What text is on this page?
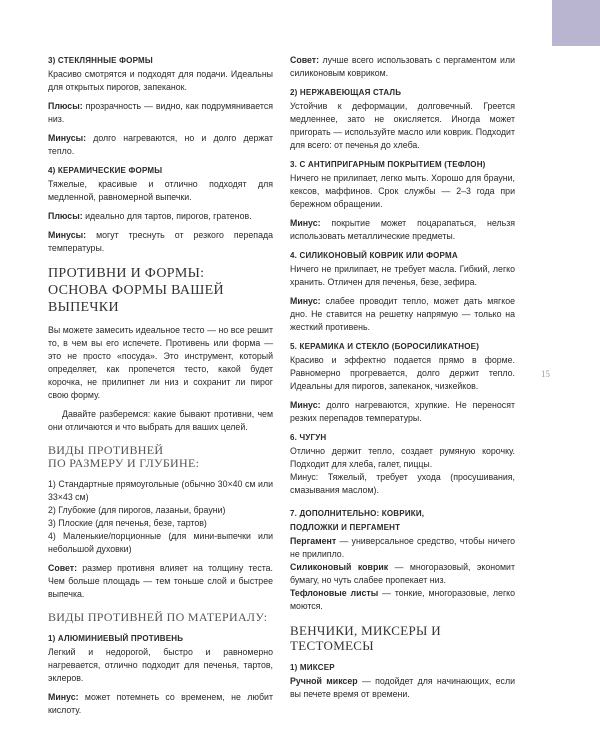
15

3) СТЕКЛЯННЫЕ ФОРМЫ

Красиво смотрятся и подходят для подачи. Идеальны для открытых пирогов, запеканок.

Плюсы: прозрачность — видно, как подрумянивается низ.

Минусы: долго нагреваются, но и долго держат тепло.

4) КЕРАМИЧЕСКИЕ ФОРМЫ

Тяжелые, красивые и отлично подходят для медленной, равномерной выпечки.

Плюсы: идеально для тартов, пирогов, гратенов.

Минусы: могут треснуть от резкого перепада температуры.

ПРОТИВНИ И ФОРМЫ:
ОСНОВА ФОРМЫ ВАШЕЙ ВЫПЕЧКИ

Вы можете замесить идеальное тесто — но все решит то, в чем вы его испечете. Противень или форма — это не просто «посуда». Это инструмент, который определяет, как пропечется тесто, какой будет корочка, не прилипнет ли низ и сохранит ли пирог свою форму.

Давайте разберемся: какие бывают противни, чем они отличаются и что выбрать для ваших целей.

ВИДЫ ПРОТИВНЕЙ
ПО РАЗМЕРУ И ГЛУБИНЕ:

1) Стандартные прямоугольные (обычно 30×40 см или 33×43 см)

2) Глубокие (для пирогов, лазаньи, брауни)

3) Плоские (для печенья, безе, тартов)

4) Маленькие/порционные (для мини-выпечки или небольшой духовки)

Совет: размер противня влияет на толщину теста. Чем больше площадь — тем тоньше слой и быстрее выпечка.

ВИДЫ ПРОТИВНЕЙ ПО МАТЕРИАЛУ:

1) АЛЮМИНИЕВЫЙ ПРОТИВЕНЬ

Легкий и недорогой, быстро и равномерно нагревается, отлично подходит для печенья, тартов, эклеров.

Минус: может потемнеть со временем, не любит кислоту.

Совет: лучше всего использовать с пергаментом или силиконовым ковриком.

2) НЕРЖАВЕЮЩАЯ СТАЛЬ

Устойчив к деформации, долговечный. Греется медленнее, зато не окисляется. Иногда может пригорать — используйте масло или коврик. Подходит для всего: от печенья до хлеба.

3. С АНТИПРИГАРНЫМ ПОКРЫТИЕМ (ТЕФЛОН)

Ничего не прилипает, легко мыть. Хорошо для брауни, кексов, маффинов. Срок службы — 2–3 года при бережном обращении.

Минус: покрытие может поцарапаться, нельзя использовать металлические предметы.

4. СИЛИКОНОВЫЙ КОВРИК ИЛИ ФОРМА

Ничего не прилипает, не требует масла. Гибкий, легко хранить. Отличен для печенья, безе, зефира.

Минус: слабее проводит тепло, может дать мягкое дно. Не ставится на решетку напрямую — только на жесткий противень.

5. КЕРАМИКА И СТЕКЛО (БОРОСИЛИКАТНОЕ)

Красиво и эффектно подается прямо в форме. Равномерно прогревается, долго держит тепло. Идеальны для пирогов, запеканок, чизкейков.

Минус: долго нагреваются, хрупкие. Не переносят резких перепадов температуры.

6. ЧУГУН

Отлично держит тепло, создает румяную корочку. Подходит для хлеба, галет, пиццы.

Минус: Тяжелый, требует ухода (просушивания, смазывания маслом).

7. ДОПОЛНИТЕЛЬНО: КОВРИКИ,

ПОДЛОЖКИ И ПЕРГАМЕНТ

Пергамент — универсальное средство, чтобы ничего не прилипло.

Силиконовый коврик — многоразовый, экономит бумагу, но чуть слабее пропекает низ.

Тефлоновые листы — тонкие, многоразовые, легко моются.

ВЕНЧИКИ, МИКСЕРЫ И ТЕСТОМЕСЫ

1) МИКСЕР

Ручной миксер — подойдет для начинающих, если вы печете время от времени.
